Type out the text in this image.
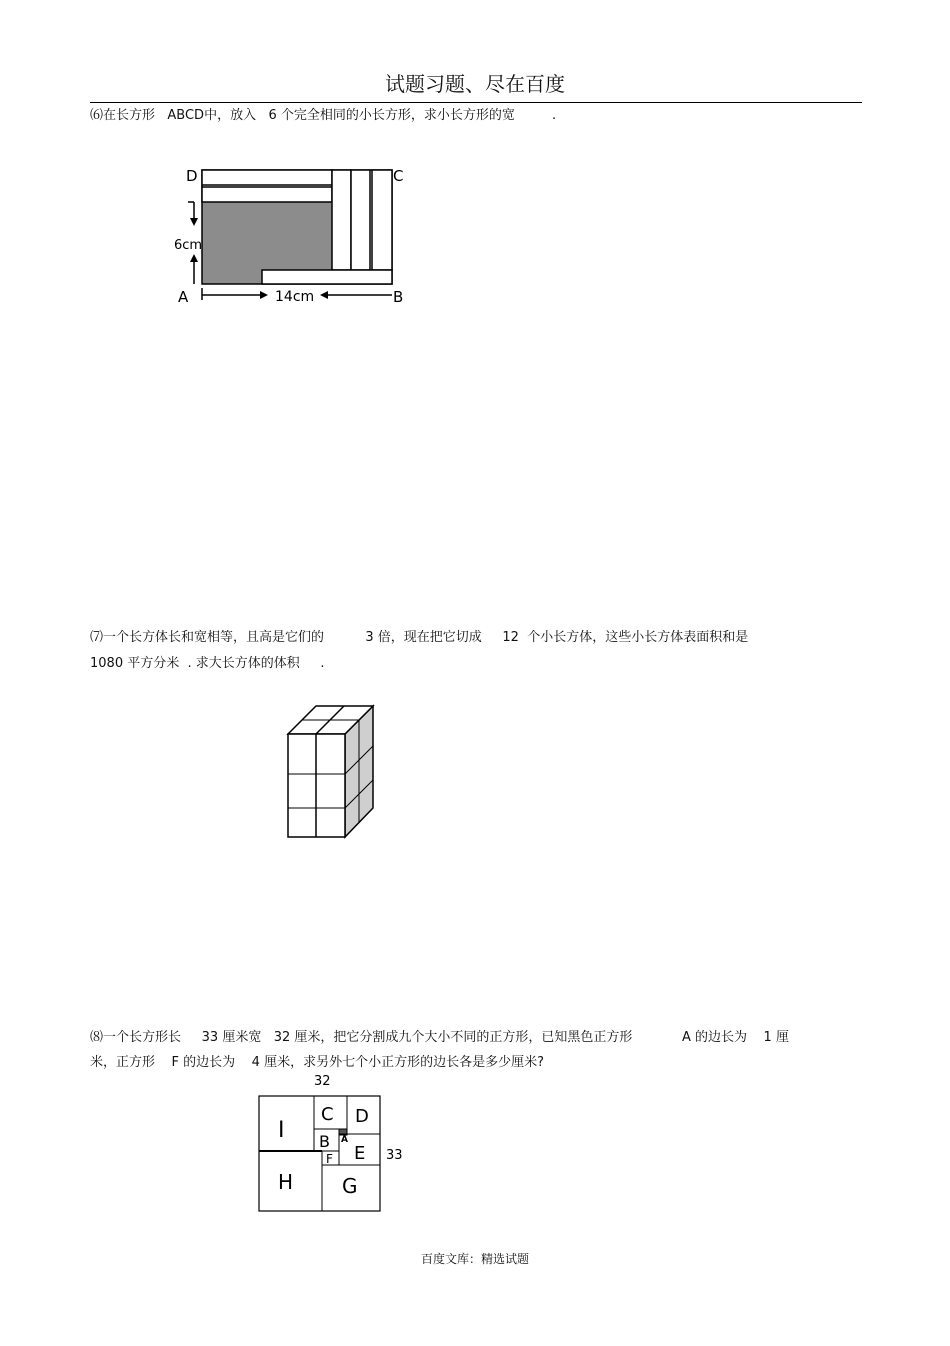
试题习题、尽在百度
⑹在长方形   ABCD中，放入   6 个完全相同的小长方形，求小长方形的宽         .
D	C
A	B
6cm
14cm
⑺一个长方体长和宽相等，且高是它们的          3 倍，现在把它切成     12  个小长方体，这些小长方体表面积和是
1080 平方分米  . 求大长方体的体积     .
⑻一个长方形长     33 厘米宽   32 厘米，把它分割成九个大小不同的正方形，已知黑色正方形            A 的边长为    1 厘
米，正方形    F 的边长为    4 厘米，求另外七个小正方形的边长各是多少厘米?
32
33
I
C D
B A
E
F
H G
百度文库：精选试题
